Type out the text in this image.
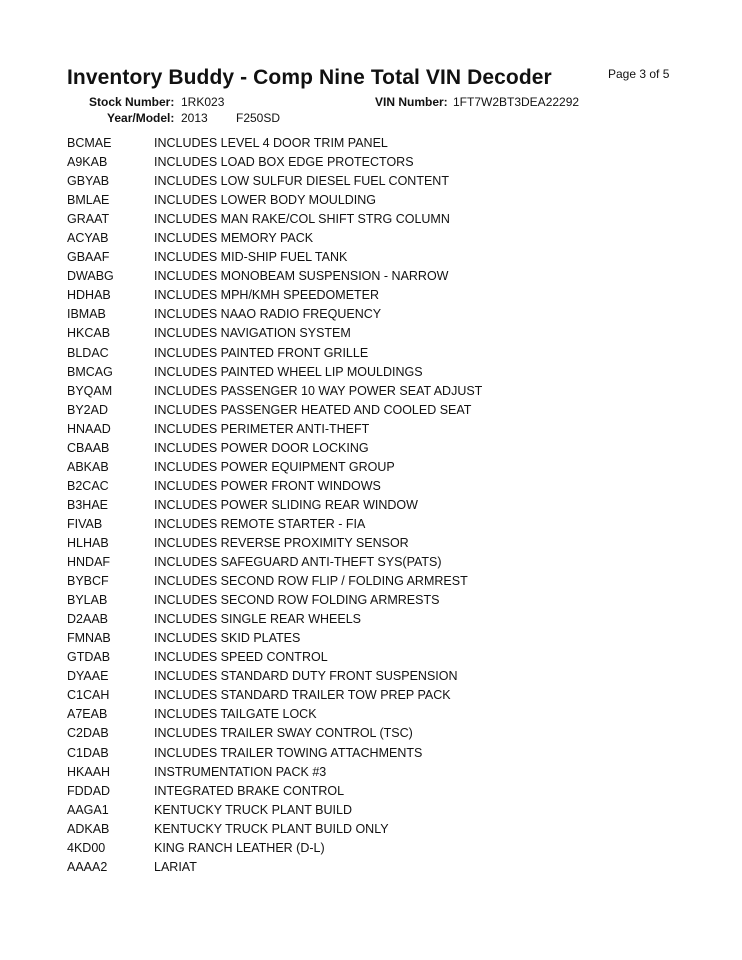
Inventory Buddy - Comp Nine Total VIN Decoder	Page 3 of 5
Stock Number: 1RK023	VIN Number: 1FT7W2BT3DEA22292
Year/Model: 2013 F250SD
BCMAE	INCLUDES LEVEL 4 DOOR TRIM PANEL
A9KAB	INCLUDES LOAD BOX EDGE PROTECTORS
GBYAB	INCLUDES LOW SULFUR DIESEL FUEL CONTENT
BMLAE	INCLUDES LOWER BODY MOULDING
GRAAT	INCLUDES MAN RAKE/COL SHIFT STRG COLUMN
ACYAB	INCLUDES MEMORY PACK
GBAAF	INCLUDES MID-SHIP FUEL TANK
DWABG	INCLUDES MONOBEAM SUSPENSION - NARROW
HDHAB	INCLUDES MPH/KMH SPEEDOMETER
IBMAB	INCLUDES NAAO RADIO FREQUENCY
HKCAB	INCLUDES NAVIGATION SYSTEM
BLDAC	INCLUDES PAINTED FRONT GRILLE
BMCAG	INCLUDES PAINTED WHEEL LIP MOULDINGS
BYQAM	INCLUDES PASSENGER 10 WAY POWER SEAT ADJUST
BY2AD	INCLUDES PASSENGER HEATED AND COOLED SEAT
HNAAD	INCLUDES PERIMETER ANTI-THEFT
CBAAB	INCLUDES POWER DOOR LOCKING
ABKAB	INCLUDES POWER EQUIPMENT GROUP
B2CAC	INCLUDES POWER FRONT WINDOWS
B3HAE	INCLUDES POWER SLIDING REAR WINDOW
FIVAB	INCLUDES REMOTE STARTER - FIA
HLHAB	INCLUDES REVERSE PROXIMITY SENSOR
HNDAF	INCLUDES SAFEGUARD ANTI-THEFT SYS(PATS)
BYBCF	INCLUDES SECOND ROW FLIP / FOLDING ARMREST
BYLAB	INCLUDES SECOND ROW FOLDING ARMRESTS
D2AAB	INCLUDES SINGLE REAR WHEELS
FMNAB	INCLUDES SKID PLATES
GTDAB	INCLUDES SPEED CONTROL
DYAAE	INCLUDES STANDARD DUTY FRONT SUSPENSION
C1CAH	INCLUDES STANDARD TRAILER TOW PREP PACK
A7EAB	INCLUDES TAILGATE LOCK
C2DAB	INCLUDES TRAILER SWAY CONTROL (TSC)
C1DAB	INCLUDES TRAILER TOWING ATTACHMENTS
HKAAH	INSTRUMENTATION PACK #3
FDDAD	INTEGRATED BRAKE CONTROL
AAGA1	KENTUCKY TRUCK PLANT BUILD
ADKAB	KENTUCKY TRUCK PLANT BUILD ONLY
4KD00	KING RANCH LEATHER (D-L)
AAAA2	LARIAT
